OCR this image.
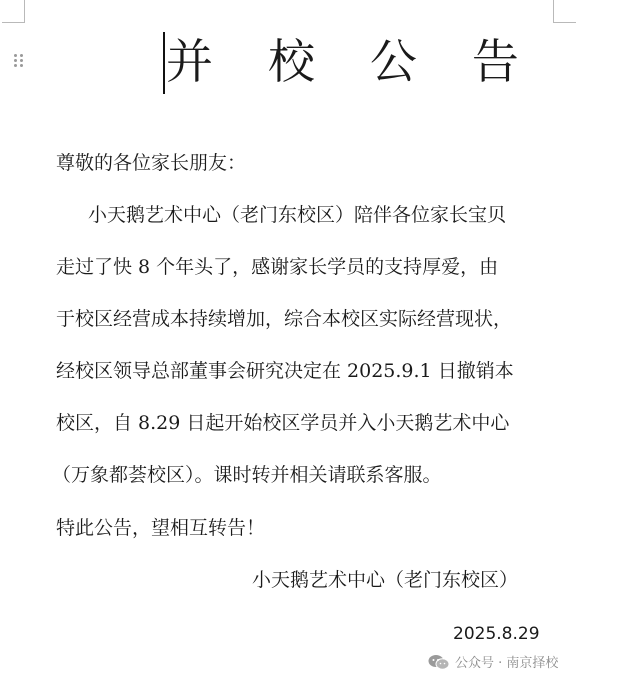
并 校 公 告
尊敬的各位家长朋友：
小天鹅艺术中心（老门东校区）陪伴各位家长宝贝
走过了快 8 个年头了，感谢家长学员的支持厚爱，由
于校区经营成本持续增加，综合本校区实际经营现状，
经校区领导总部董事会研究决定在 2025.9.1 日撤销本
校区，自 8.29 日起开始校区学员并入小天鹅艺术中心
（万象都荟校区）。课时转并相关请联系客服。
特此公告，望相互转告！
小天鹅艺术中心（老门东校区）
2025.8.29
公众号 · 南京择校
